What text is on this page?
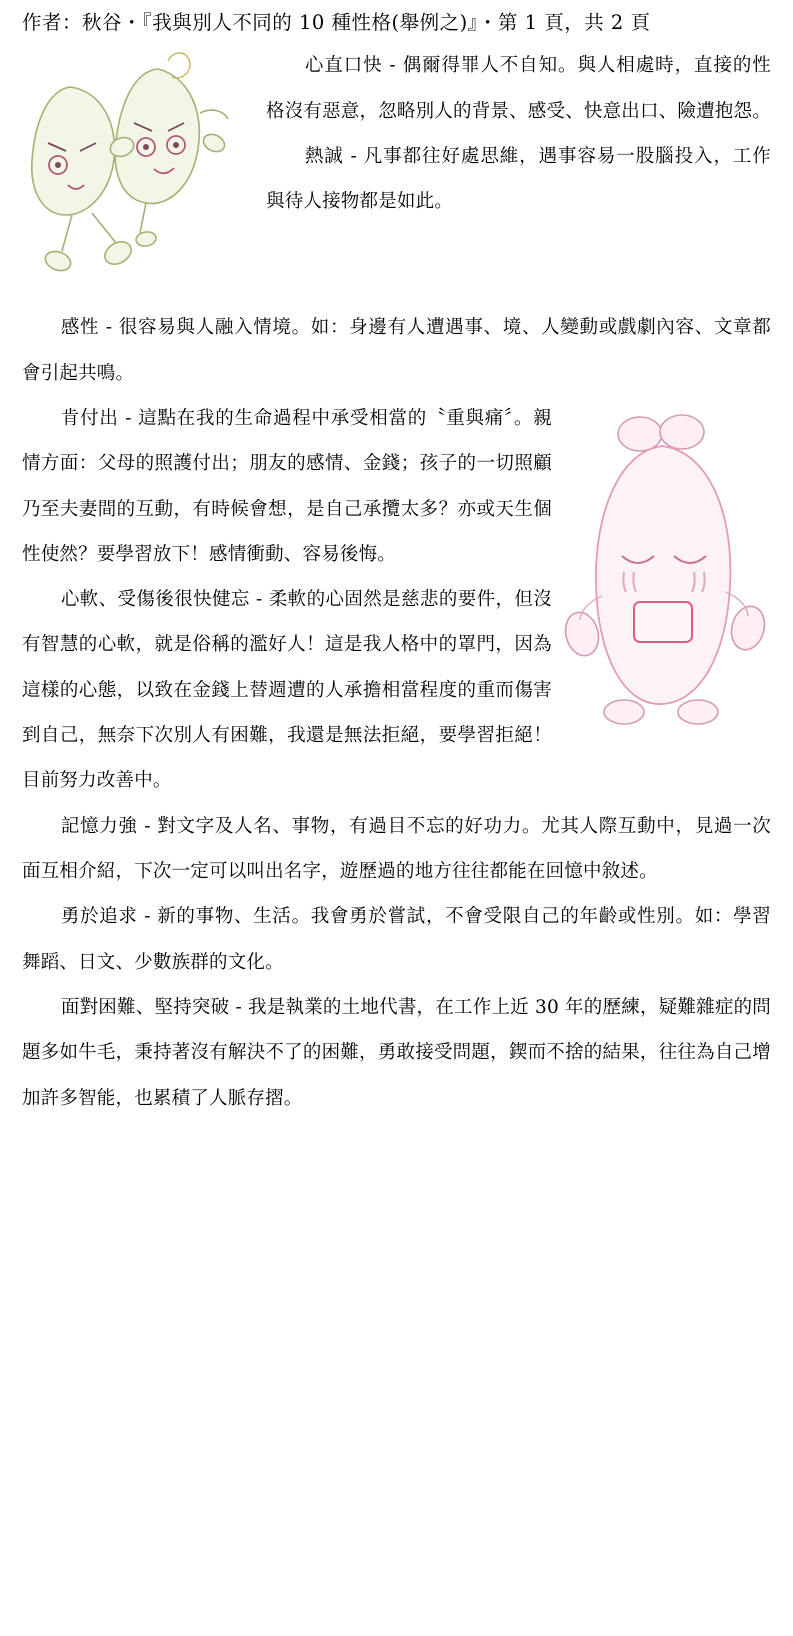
作者：秋谷・『我與別人不同的 10 種性格(舉例之)』・第 1 頁，共 2 頁

心直口快 - 偶爾得罪人不自知。與人相處時，直接的性格沒有惡意，忽略別人的背景、感受、快意出口、險遭抱怨。

熱誠 - 凡事都往好處思維，遇事容易一股腦投入，工作與待人接物都是如此。

感性 - 很容易與人融入情境。如：身邊有人遭遇事、境、人變動或戲劇內容、文章都會引起共鳴。

肯付出 - 這點在我的生命過程中承受相當的〝重與痛〞。親情方面：父母的照護付出；朋友的感情、金錢；孩子的一切照顧乃至夫妻間的互動，有時候會想，是自己承攬太多？亦或天生個性使然？要學習放下！感情衝動、容易後悔。

心軟、受傷後很快健忘 - 柔軟的心固然是慈悲的要件，但沒有智慧的心軟，就是俗稱的濫好人！這是我人格中的罩門，因為這樣的心態，以致在金錢上替週遭的人承擔相當程度的重而傷害到自己，無奈下次別人有困難，我還是無法拒絕，要學習拒絕！目前努力改善中。

記憶力強 - 對文字及人名、事物，有過目不忘的好功力。尤其人際互動中，見過一次面互相介紹，下次一定可以叫出名字，遊歷過的地方往往都能在回憶中敘述。

勇於追求 - 新的事物、生活。我會勇於嘗試，不會受限自己的年齡或性別。如：學習舞蹈、日文、少數族群的文化。

面對困難、堅持突破 - 我是執業的土地代書，在工作上近 30 年的歷練，疑難雜症的問題多如牛毛，秉持著沒有解決不了的困難，勇敢接受問題，鍥而不捨的結果，往往為自己增加許多智能，也累積了人脈存摺。
